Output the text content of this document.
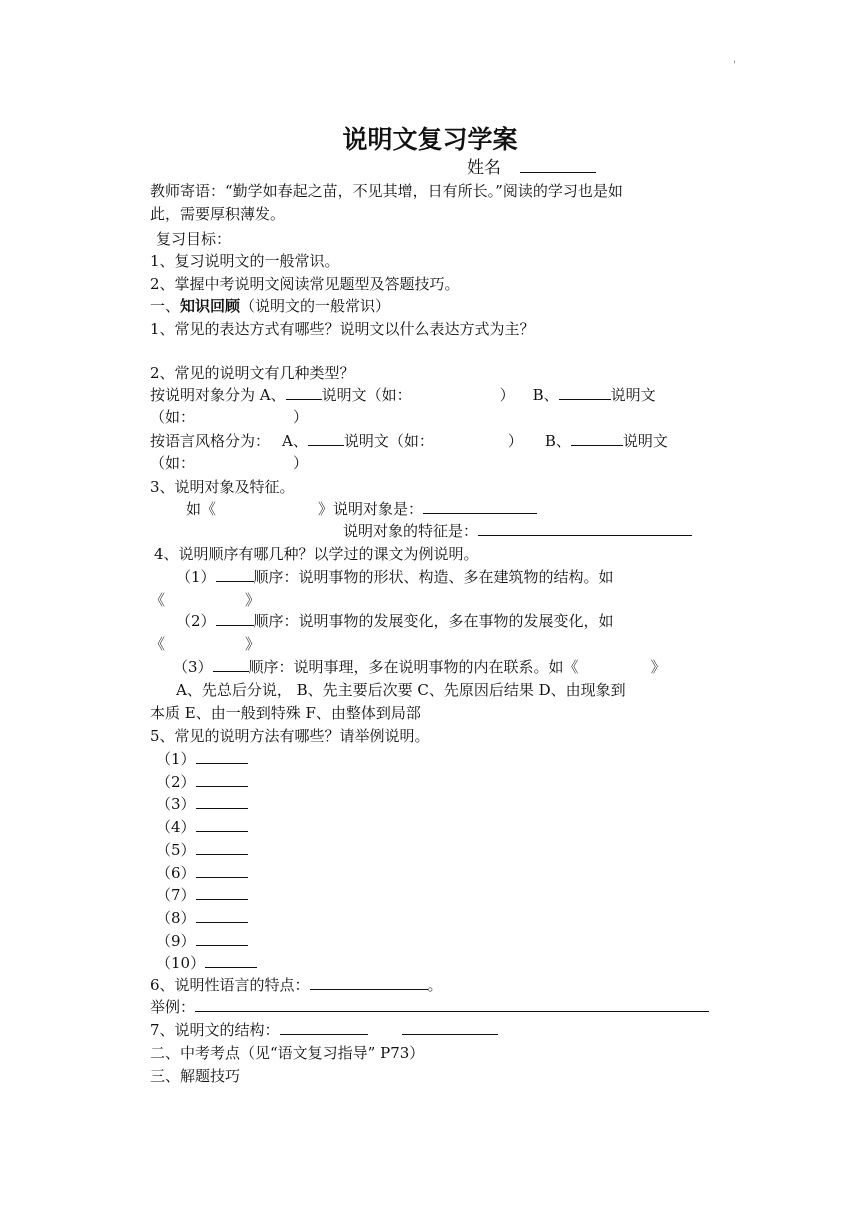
'
说明文复习学案
姓名
教师寄语：“勤学如春起之苗，不见其增，日有所长。”阅读的学习也是如
此，需要厚积薄发。
复习目标：
1、复习说明文的一般常识。
2、掌握中考说明文阅读常见题型及答题技巧。
一、知识回顾（说明文的一般常识）
1、常见的表达方式有哪些？说明文以什么表达方式为主？
2、常见的说明文有几种类型？
按说明对象分为 A、 说明文（如：	） B、	说明文
（如：	）
按语言风格分为： A、 说明文（如：	） B、	说明文
（如：	）
3、说明对象及特征。
如《	》说明对象是：
说明对象的特征是：
4、说明顺序有哪几种？以学过的课文为例说明。
（1）	顺序：说明事物的形状、构造、多在建筑物的结构。如
《	》
（2）	顺序：说明事物的发展变化，多在事物的发展变化，如
《	》
（3） 顺序：说明事理，多在说明事物的内在联系。如《	》
A、先总后分说， B、先主要后次要 C、先原因后结果 D、由现象到
本质 E、由一般到特殊 F、由整体到局部
5、常见的说明方法有哪些？请举例说明。
（1）
（2）
（3）
（4）
（5）
（6）
（7）
（8）
（9）
（10）
6、说明性语言的特点：	。
举例：
7、说明文的结构：
二、中考考点（见“语文复习指导” P73）
三、解题技巧
